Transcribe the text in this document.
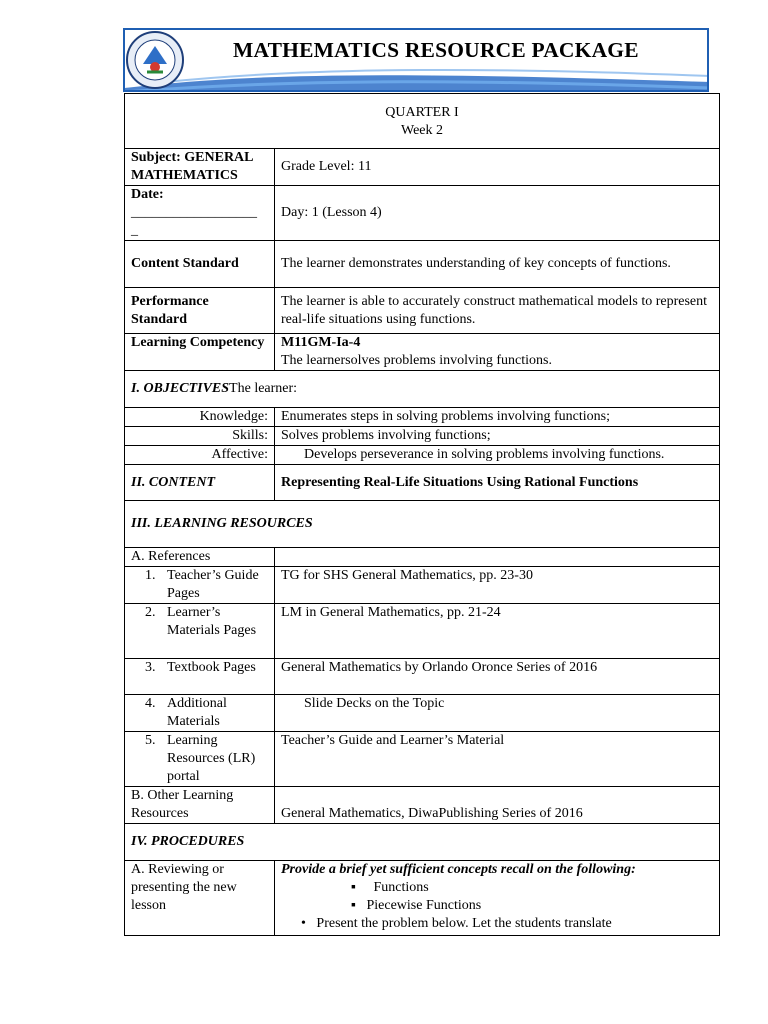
MATHEMATICS RESOURCE PACKAGE
QUARTER I
Week 2	

Subject: GENERAL MATHEMATICS	Grade Level: 11

Date:
__________________
_	Day: 1 (Lesson 4)
Content Standard	The learner demonstrates understanding of key concepts of functions.
Performance Standard	The learner is able to accurately construct mathematical models to represent real-life situations using functions.
Learning Competency	M11GM-Ia-4
The learnersolves problems involving functions.

I. OBJECTIVESThe learner:	
Knowledge:	Enumerates steps in solving problems involving functions;
Skills:	Solves problems involving functions;
Affective:	Develops perseverance in solving problems involving functions.
II. CONTENT	Representing Real-Life Situations Using Rational Functions
III. LEARNING RESOURCES	
A. References	

1. Teacher’s Guide Pages	TG for SHS General Mathematics, pp. 23-30

2. Learner’s Materials Pages	LM in General Mathematics, pp. 21-24

3. Textbook Pages	General Mathematics by Orlando Oronce Series of 2016

4. Additional Materials	Slide Decks on the Topic

5. Learning Resources (LR) portal	Teacher’s Guide and Learner’s Material
B. Other Learning Resources	General Mathematics, DiwaPublishing Series of 2016
IV. PROCEDURES	
A. Reviewing or presenting the new lesson	Provide a brief yet sufficient concepts recall on the following:
▪     Functions
▪   Piecewise Functions
•   Present the problem below. Let the students translate
